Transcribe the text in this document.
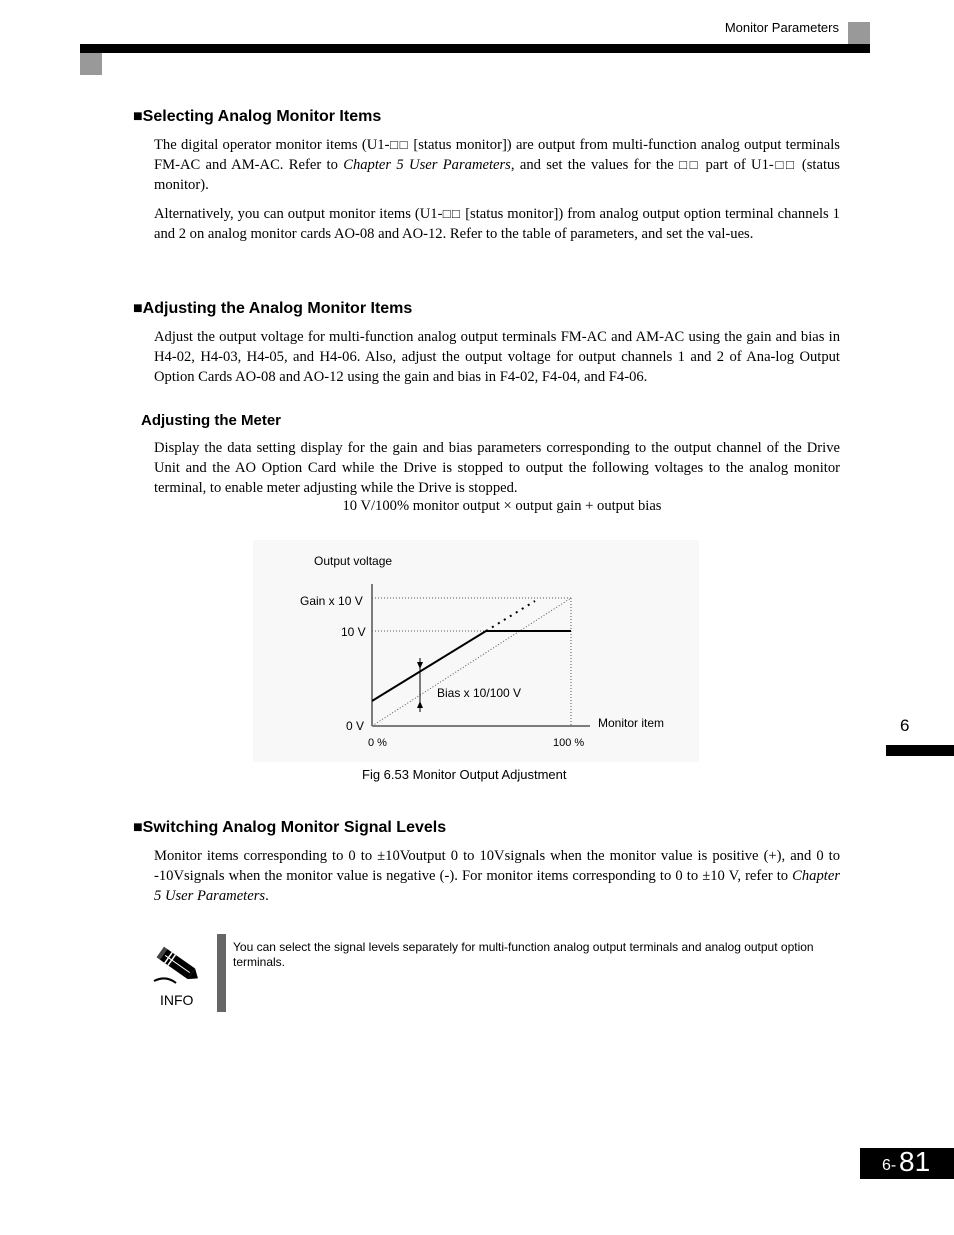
Monitor Parameters
■Selecting Analog Monitor Items

The digital operator monitor items (U1-□□ [status monitor]) are output from multi-function analog output terminals FM-AC and AM-AC. Refer to Chapter 5 User Parameters, and set the values for the □□ part of U1-□□ (status monitor).

Alternatively, you can output monitor items (U1-□□ [status monitor]) from analog output option terminal channels 1 and 2 on analog monitor cards AO-08 and AO-12. Refer to the table of parameters, and set the val-ues.

■Adjusting the Analog Monitor Items

Adjust the output voltage for multi-function analog output terminals FM-AC and AM-AC using the gain and bias in H4-02, H4-03, H4-05, and H4-06. Also, adjust the output voltage for output channels 1 and 2 of Ana-log Output Option Cards AO-08 and AO-12 using the gain and bias in F4-02, F4-04, and F4-06.

Adjusting the Meter

Display the data setting display for the gain and bias parameters corresponding to the output channel of the Drive Unit and the AO Option Card while the Drive is stopped to output the following voltages to the analog monitor terminal, to enable meter adjusting while the Drive is stopped.

10 V/100% monitor output × output gain + output bias
Output voltage
Gain x 10 V
10 V
0 V
Bias x 10/100 V
Monitor item
0 %	100 %
Fig 6.53 Monitor Output Adjustment
6
■Switching Analog Monitor Signal Levels

Monitor items corresponding to 0 to ±10Voutput 0 to 10Vsignals when the monitor value is positive (+), and 0 to -10Vsignals when the monitor value is negative (-). For monitor items corresponding to 0 to ±10 V, refer to Chapter 5 User Parameters.

INFO
You can select the signal levels separately for multi-function analog output terminals and analog output option terminals.
6- 81
